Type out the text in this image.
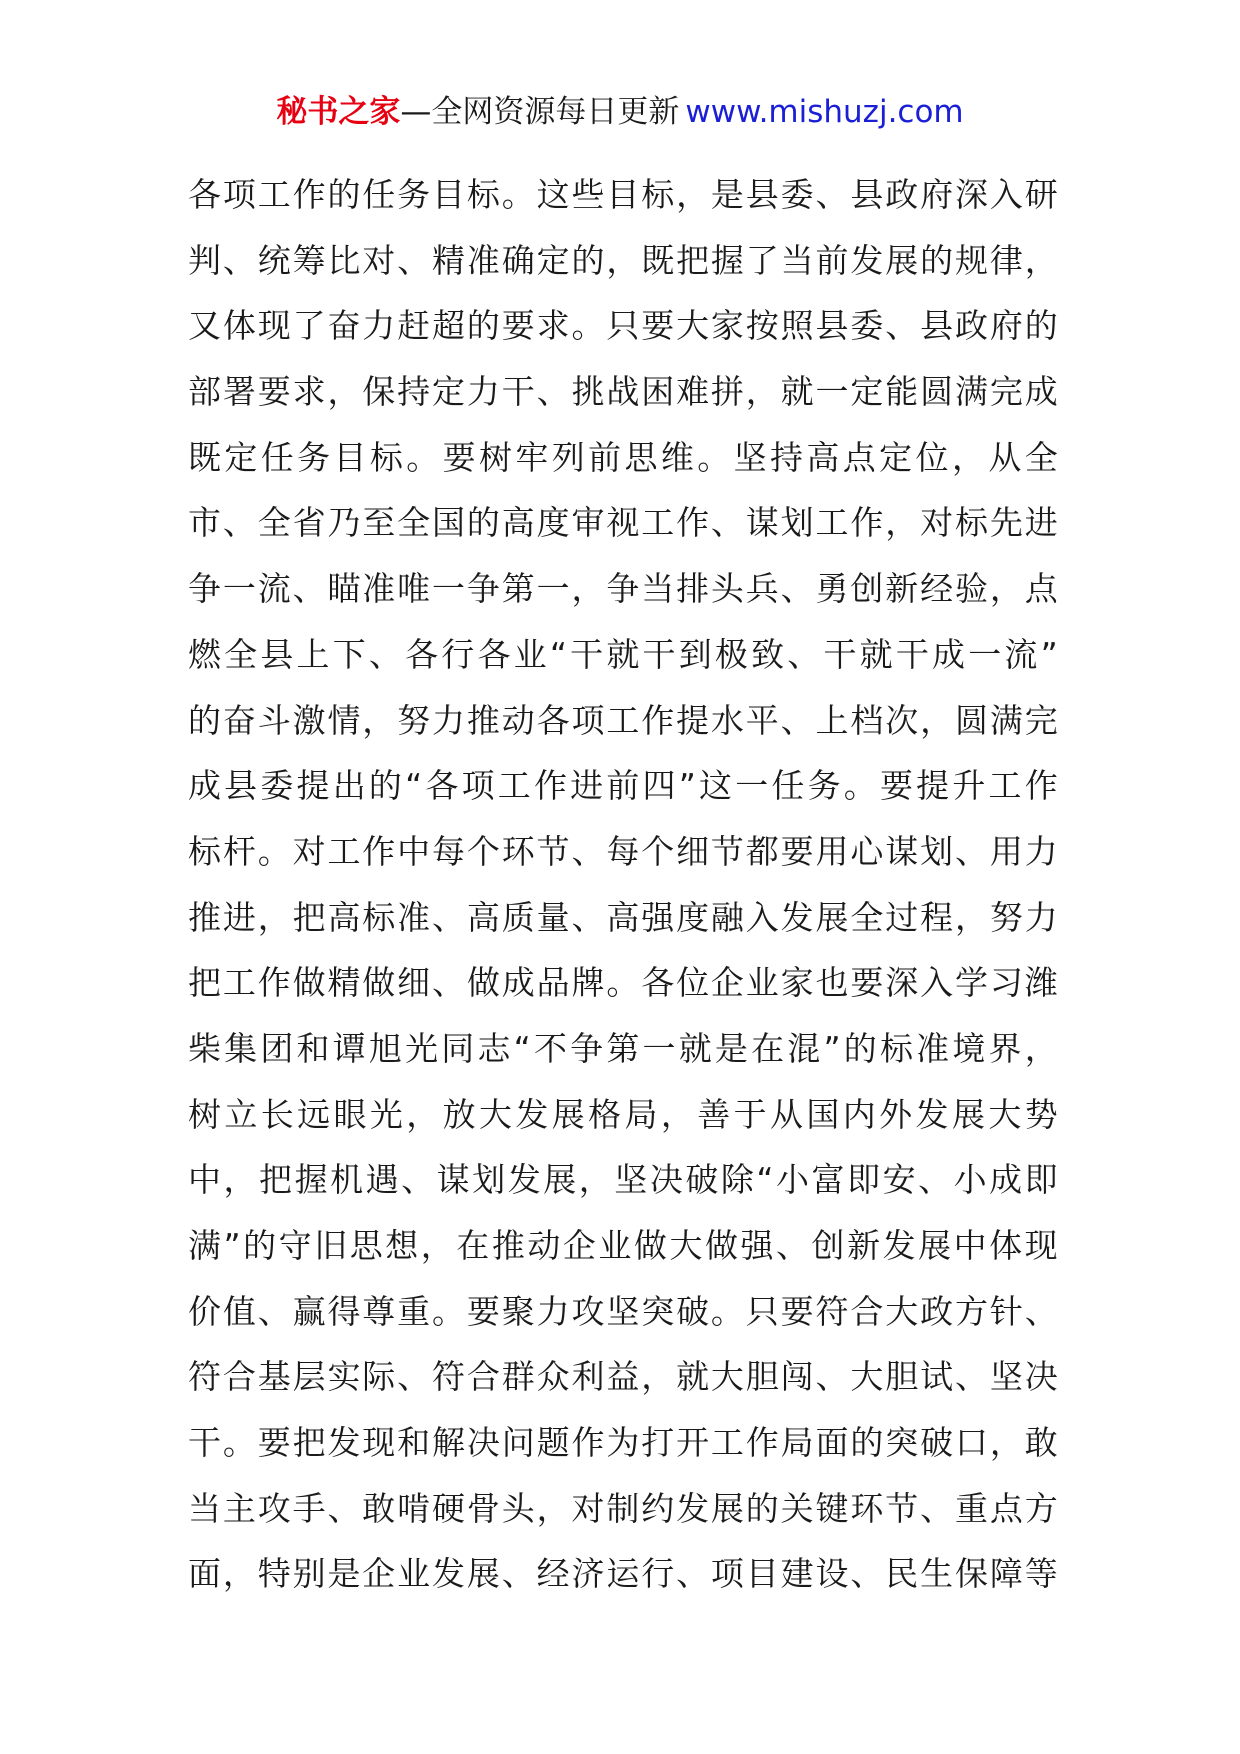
秘书之家—全网资源每日更新 www.mishuzj.com
各项工作的任务目标。这些目标，是县委、县政府深入研
判、统筹比对、精准确定的，既把握了当前发展的规律，
又体现了奋力赶超的要求。只要大家按照县委、县政府的
部署要求，保持定力干、挑战困难拼，就一定能圆满完成
既定任务目标。要树牢列前思维。坚持高点定位，从全
市、全省乃至全国的高度审视工作、谋划工作，对标先进
争一流、瞄准唯一争第一，争当排头兵、勇创新经验，点
燃全县上下、各行各业“干就干到极致、干就干成一流”
的奋斗激情，努力推动各项工作提水平、上档次，圆满完
成县委提出的“各项工作进前四”这一任务。要提升工作
标杆。对工作中每个环节、每个细节都要用心谋划、用力
推进，把高标准、高质量、高强度融入发展全过程，努力
把工作做精做细、做成品牌。各位企业家也要深入学习潍
柴集团和谭旭光同志“不争第一就是在混”的标准境界，
树立长远眼光，放大发展格局，善于从国内外发展大势
中，把握机遇、谋划发展，坚决破除“小富即安、小成即
满”的守旧思想，在推动企业做大做强、创新发展中体现
价值、赢得尊重。要聚力攻坚突破。只要符合大政方针、
符合基层实际、符合群众利益，就大胆闯、大胆试、坚决
干。要把发现和解决问题作为打开工作局面的突破口，敢
当主攻手、敢啃硬骨头，对制约发展的关键环节、重点方
面，特别是企业发展、经济运行、项目建设、民生保障等
